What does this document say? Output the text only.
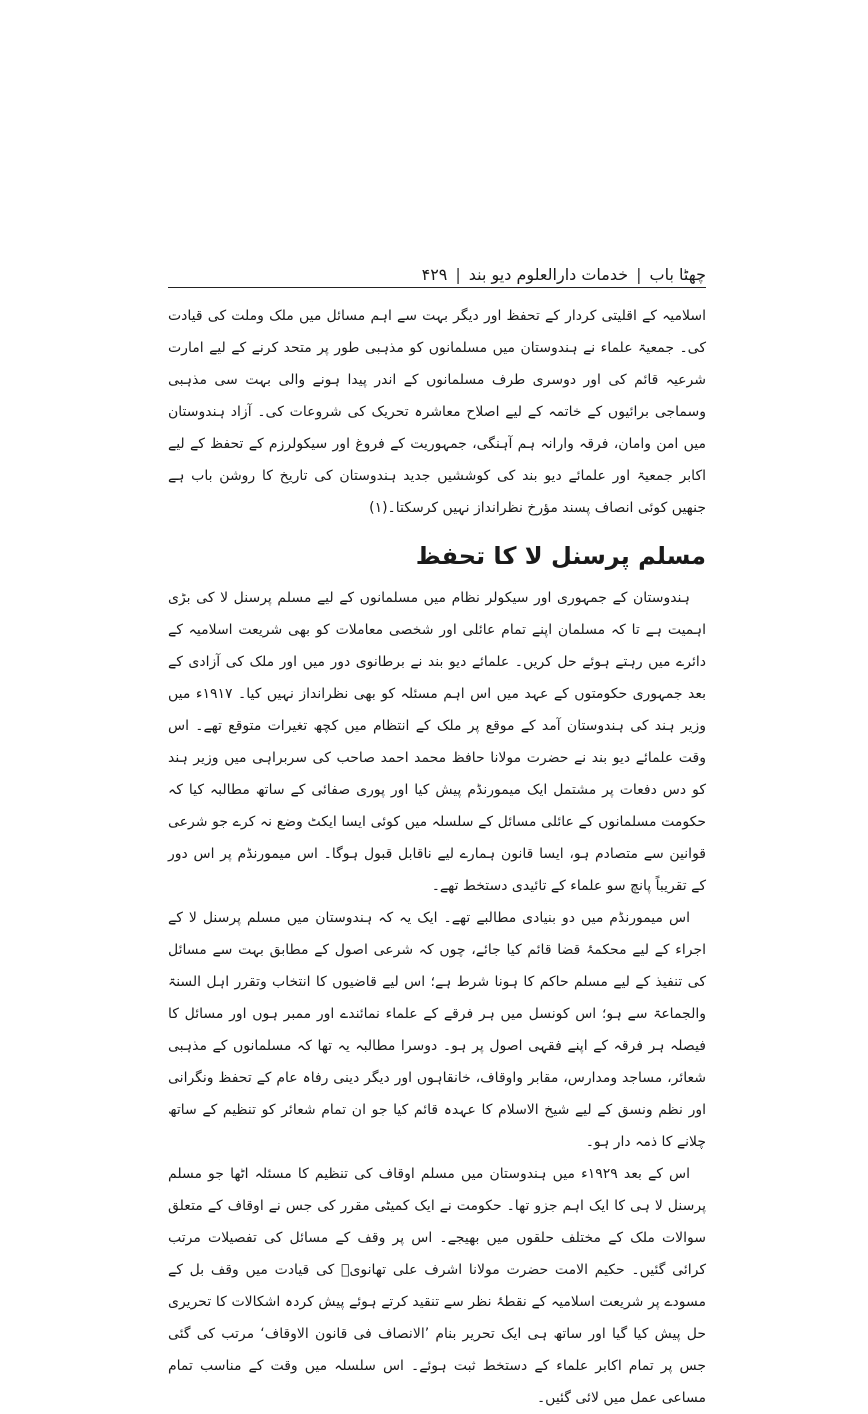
چھٹا باب
|
خدمات دارالعلوم دیو بند
|
۴۲۹

اسلامیہ کے اقلیتی کردار کے تحفظ اور دیگر بہت سے اہم مسائل میں ملک وملت کی قیادت کی۔ جمعیۃ علماء نے ہندوستان میں مسلمانوں کو مذہبی طور پر متحد کرنے کے لیے امارت شرعیہ قائم کی اور دوسری طرف مسلمانوں کے اندر پیدا ہونے والی بہت سی مذہبی وسماجی برائیوں کے خاتمہ کے لیے اصلاح معاشرہ تحریک کی شروعات کی۔ آزاد ہندوستان میں امن وامان، فرقہ وارانہ ہم آہنگی، جمہوریت کے فروغ اور سیکولرزم کے تحفظ کے لیے اکابر جمعیۃ اور علمائے دیو بند کی کوششیں جدید ہندوستان کی تاریخ کا روشن باب ہے جنھیں کوئی انصاف پسند مؤرخ نظرانداز نہیں کرسکتا۔(۱)

مسلم پرسنل لا کا تحفظ

ہندوستان کے جمہوری اور سیکولر نظام میں مسلمانوں کے لیے مسلم پرسنل لا کی بڑی اہمیت ہے تا کہ مسلمان اپنے تمام عائلی اور شخصی معاملات کو بھی شریعت اسلامیہ کے دائرے میں رہتے ہوئے حل کریں۔ علمائے دیو بند نے برطانوی دور میں اور ملک کی آزادی کے بعد جمہوری حکومتوں کے عہد میں اس اہم مسئلہ کو بھی نظرانداز نہیں کیا۔ ۱۹۱۷ء میں وزیر ہند کی ہندوستان آمد کے موقع پر ملک کے انتظام میں کچھ تغیرات متوقع تھے۔ اس وقت علمائے دیو بند نے حضرت مولانا حافظ محمد احمد صاحب کی سربراہی میں وزیر ہند کو دس دفعات پر مشتمل ایک میمورنڈم پیش کیا اور پوری صفائی کے ساتھ مطالبہ کیا کہ حکومت مسلمانوں کے عائلی مسائل کے سلسلہ میں کوئی ایسا ایکٹ وضع نہ کرے جو شرعی قوانین سے متصادم ہو، ایسا قانون ہمارے لیے ناقابل قبول ہوگا۔ اس میمورنڈم پر اس دور کے تقریباً پانچ سو علماء کے تائیدی دستخط تھے۔

اس میمورنڈم میں دو بنیادی مطالبے تھے۔ ایک یہ کہ ہندوستان میں مسلم پرسنل لا کے اجراء کے لیے محکمۂ قضا قائم کیا جائے، چوں کہ شرعی اصول کے مطابق بہت سے مسائل کی تنفیذ کے لیے مسلم حاکم کا ہونا شرط ہے؛ اس لیے قاضیوں کا انتخاب وتقرر اہل السنۃ والجماعۃ سے ہو؛ اس کونسل میں ہر فرقے کے علماء نمائندے اور ممبر ہوں اور مسائل کا فیصلہ ہر فرقہ کے اپنے فقہی اصول پر ہو۔ دوسرا مطالبہ یہ تھا کہ مسلمانوں کے مذہبی شعائر، مساجد ومدارس، مقابر واوقاف، خانقاہوں اور دیگر دینی رفاہ عام کے تحفظ ونگرانی اور نظم ونسق کے لیے شیخ الاسلام کا عہدہ قائم کیا جو ان تمام شعائر کو تنظیم کے ساتھ چلانے کا ذمہ دار ہو۔

اس کے بعد ۱۹۲۹ء میں ہندوستان میں مسلم اوقاف کی تنظیم کا مسئلہ اٹھا جو مسلم پرسنل لا ہی کا ایک اہم جزو تھا۔ حکومت نے ایک کمیٹی مقرر کی جس نے اوقاف کے متعلق سوالات ملک کے مختلف حلقوں میں بھیجے۔ اس پر وقف کے مسائل کی تفصیلات مرتب کرائی گئیں۔ حکیم الامت حضرت مولانا اشرف علی تھانویؒ کی قیادت میں وقف بل کے مسودے پر شریعت اسلامیہ کے نقطۂ نظر سے تنقید کرتے ہوئے پیش کردہ اشکالات کا تحریری حل پیش کیا گیا اور ساتھ ہی ایک تحریر بنام ’الانصاف فی قانون الاوقاف‘ مرتب کی گئی جس پر تمام اکابر علماء کے دستخط ثبت ہوئے۔ اس سلسلہ میں وقت کے مناسب تمام مساعی عمل میں لائی گئیں۔
